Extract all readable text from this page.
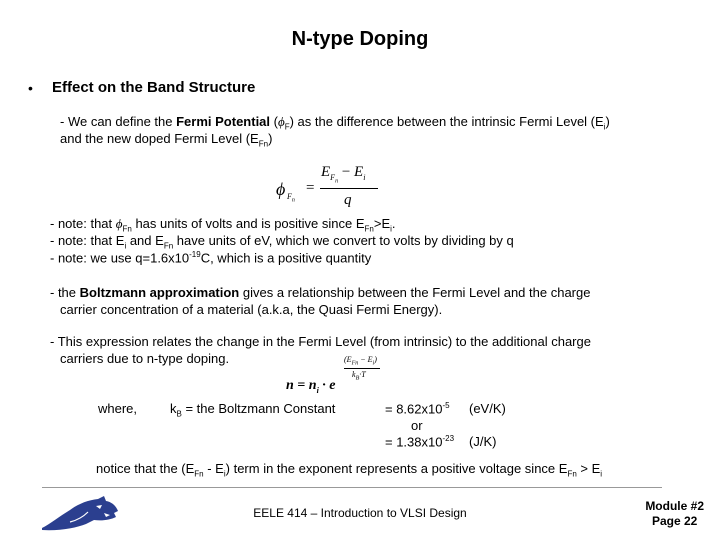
N-type Doping
• Effect on the Band Structure
- We can define the Fermi Potential $(\phi_F)$ as the difference between the intrinsic Fermi Level $(E_i)$
and the new doped Fermi Level $(E_{Fn})$
ϕ $F_n$
=
$E_{F_n} - E_i$
q
- note: that $\phi_{Fn}$ has units of volts and is positive since $E_{Fn}>E_i$.
- note: that $E_i$ and $E_{Fn}$ have units of eV, which we convert to volts by dividing by q
- note: we use $q=1.6x10^{-19}C$, which is a positive quantity
- the Boltzmann approximation gives a relationship between the Fermi Level and the charge
carrier concentration of a material (a.k.a, the Quasi Fermi Energy).
- This expression relates the change in the Fermi Level (from intrinsic) to the additional charge
carriers due to n-type doping.
$n = n_i \cdot e$
$(E_{Fn} - E_i)$
$k_B\cdot T$
where,	$k_B$ = the Boltzmann Constant	= $8.62x10^{-5}$ (eV/K)
or
= $1.38x10^{-23}$ (J/K)
notice that the $(E_{Fn} - E_i)$ term in the exponent represents a positive voltage since $E_{Fn} > E_i$
EELE 414 – Introduction to VLSI Design	Module #2
Page 22
